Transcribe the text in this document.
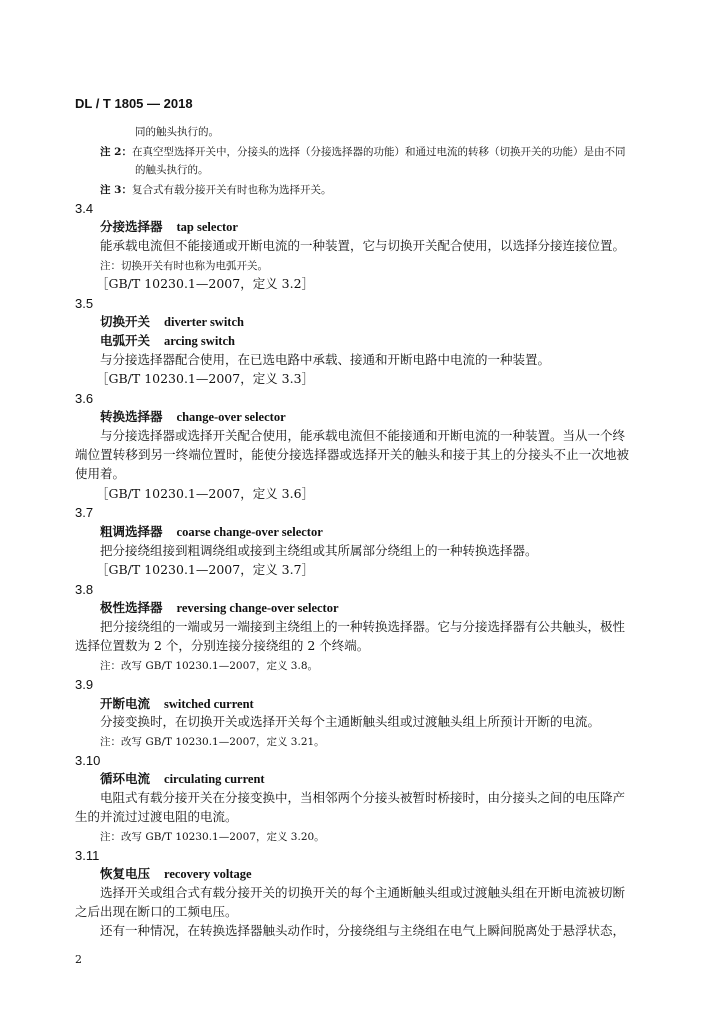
DL / T 1805 — 2018
同的触头执行的。
注 2：在真空型选择开关中，分接头的选择（分接选择器的功能）和通过电流的转移（切换开关的功能）是由不同
的触头执行的。
注 3：复合式有载分接开关有时也称为选择开关。
3.4
分接选择器 tap selector
能承载电流但不能接通或开断电流的一种装置，它与切换开关配合使用，以选择分接连接位置。
注：切换开关有时也称为电弧开关。
［GB/T 10230.1—2007，定义 3.2］
3.5
切换开关 diverter switch
电弧开关 arcing switch
与分接选择器配合使用，在已选电路中承载、接通和开断电路中电流的一种装置。
［GB/T 10230.1—2007，定义 3.3］
3.6
转换选择器 change-over selector
与分接选择器或选择开关配合使用，能承载电流但不能接通和开断电流的一种装置。当从一个终
端位置转移到另一终端位置时，能使分接选择器或选择开关的触头和接于其上的分接头不止一次地被
使用着。
［GB/T 10230.1—2007，定义 3.6］
3.7
粗调选择器 coarse change-over selector
把分接绕组接到粗调绕组或接到主绕组或其所属部分绕组上的一种转换选择器。
［GB/T 10230.1—2007，定义 3.7］
3.8
极性选择器 reversing change-over selector
把分接绕组的一端或另一端接到主绕组上的一种转换选择器。它与分接选择器有公共触头，极性
选择位置数为 2 个，分别连接分接绕组的 2 个终端。
注：改写 GB/T 10230.1—2007，定义 3.8。
3.9
开断电流 switched current
分接变换时，在切换开关或选择开关每个主通断触头组或过渡触头组上所预计开断的电流。
注：改写 GB/T 10230.1—2007，定义 3.21。
3.10
循环电流 circulating current
电阻式有载分接开关在分接变换中，当相邻两个分接头被暂时桥接时，由分接头之间的电压降产
生的并流过过渡电阻的电流。
注：改写 GB/T 10230.1—2007，定义 3.20。
3.11
恢复电压 recovery voltage
选择开关或组合式有载分接开关的切换开关的每个主通断触头组或过渡触头组在开断电流被切断
之后出现在断口的工频电压。
还有一种情况，在转换选择器触头动作时，分接绕组与主绕组在电气上瞬间脱离处于悬浮状态，
2
